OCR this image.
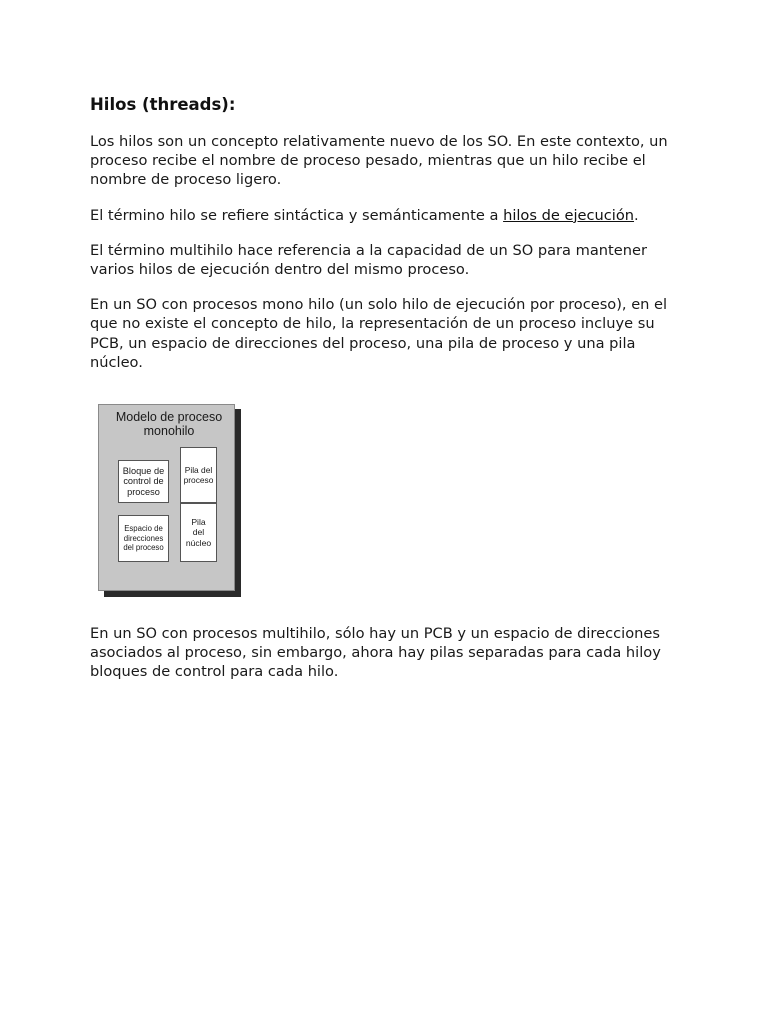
Hilos (threads):

Los hilos son un concepto relativamente nuevo de los SO. En este contexto, un proceso recibe el nombre de proceso pesado, mientras que un hilo recibe el nombre de proceso ligero.

El término hilo se refiere sintáctica y semánticamente a hilos de ejecución.

El término multihilo hace referencia a la capacidad de un SO para mantener varios hilos de ejecución dentro del mismo proceso.

En un SO con procesos mono hilo (un solo hilo de ejecución por proceso), en el que no existe el concepto de hilo, la representación de un proceso incluye su PCB, un espacio de direcciones del proceso, una pila de proceso y una pila núcleo.

Modelo de proceso
monohilo
Bloque de
control de
proceso
Pila del
proceso
Espacio de
direcciones
del proceso
Pila
del
núcleo

En un SO con procesos multihilo, sólo hay un PCB y un espacio de direcciones asociados al proceso, sin embargo, ahora hay pilas separadas para cada hiloy bloques de control para cada hilo.
